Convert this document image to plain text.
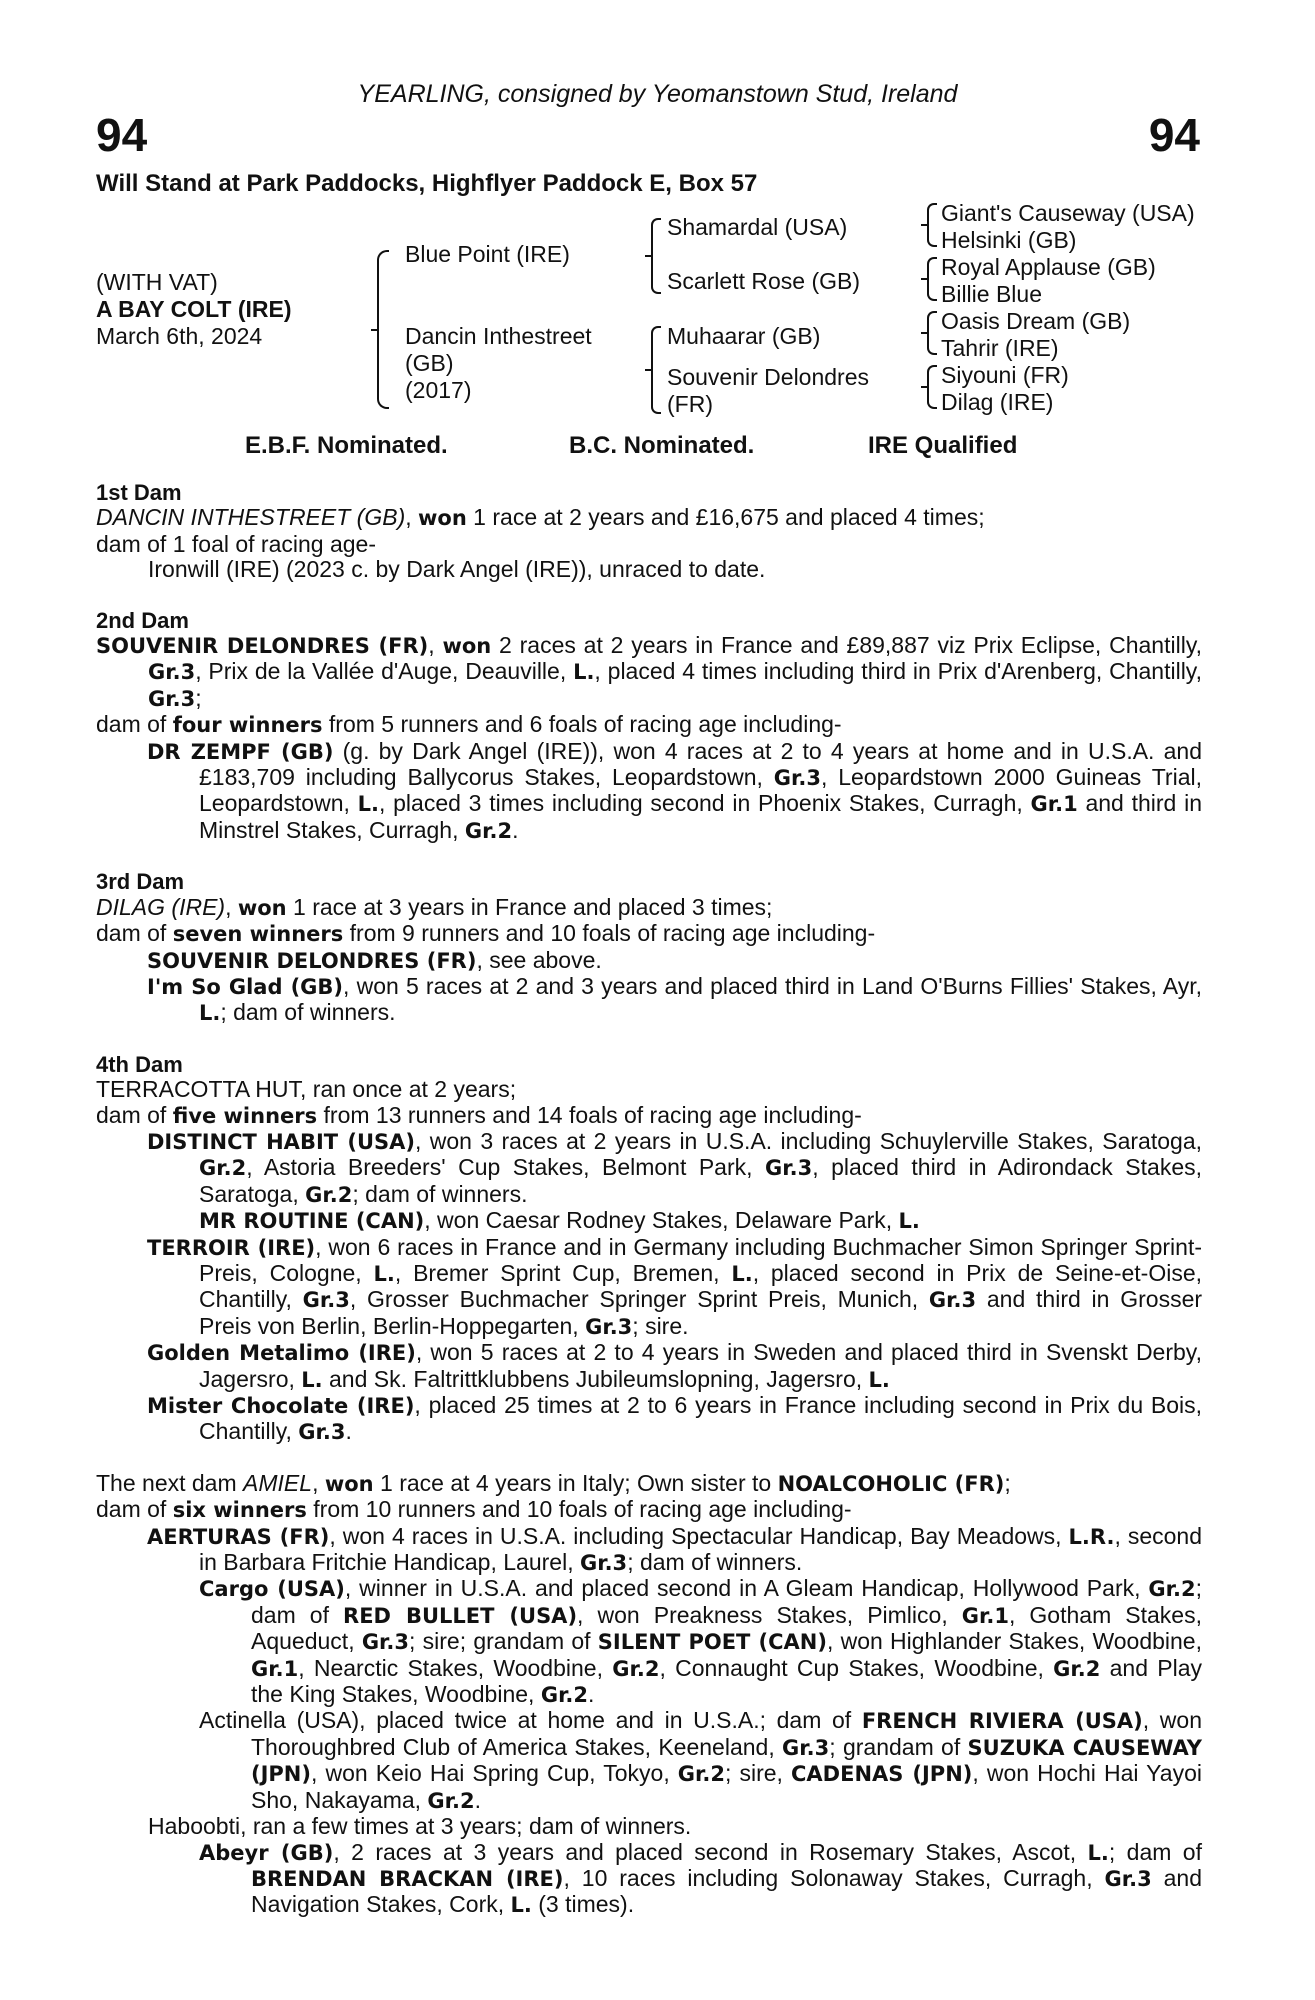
YEARLING, consigned by Yeomanstown Stud, Ireland
94	94
Will Stand at Park Paddocks, Highflyer Paddock E, Box 57
(WITH VAT)
A BAY COLT (IRE)
March 6th, 2024
Blue Point (IRE)
Dancin Inthestreet
(GB)
(2017)
Shamardal (USA)
Scarlett Rose (GB)
Muhaarar (GB)
Souvenir Delondres
(FR)
Giant's Causeway (USA)
Helsinki (GB)
Royal Applause (GB)
Billie Blue
Oasis Dream (GB)
Tahrir (IRE)
Siyouni (FR)
Dilag (IRE)
E.B.F. Nominated.	B.C. Nominated.	IRE Qualified

1st Dam

DANCIN INTHESTREET (GB), won 1 race at 2 years and £16,675 and placed 4 times;

dam of 1 foal of racing age-

Ironwill (IRE) (2023 c. by Dark Angel (IRE)), unraced to date.

2nd Dam

SOUVENIR DELONDRES (FR), won 2 races at 2 years in France and £89,887 viz Prix Eclipse, Chantilly, Gr.3, Prix de la Vallée d'Auge, Deauville, L., placed 4 times including third in Prix d'Arenberg, Chantilly, Gr.3;

dam of four winners from 5 runners and 6 foals of racing age including-

DR ZEMPF (GB) (g. by Dark Angel (IRE)), won 4 races at 2 to 4 years at home and in U.S.A. and £183,709 including Ballycorus Stakes, Leopardstown, Gr.3, Leopardstown 2000 Guineas Trial, Leopardstown, L., placed 3 times including second in Phoenix Stakes, Curragh, Gr.1 and third in Minstrel Stakes, Curragh, Gr.2.

3rd Dam

DILAG (IRE), won 1 race at 3 years in France and placed 3 times;

dam of seven winners from 9 runners and 10 foals of racing age including-

SOUVENIR DELONDRES (FR), see above.

I'm So Glad (GB), won 5 races at 2 and 3 years and placed third in Land O'Burns Fillies' Stakes, Ayr, L.; dam of winners.

4th Dam

TERRACOTTA HUT, ran once at 2 years;

dam of five winners from 13 runners and 14 foals of racing age including-

DISTINCT HABIT (USA), won 3 races at 2 years in U.S.A. including Schuylerville Stakes, Saratoga, Gr.2, Astoria Breeders' Cup Stakes, Belmont Park, Gr.3, placed third in Adirondack Stakes, Saratoga, Gr.2; dam of winners.

MR ROUTINE (CAN), won Caesar Rodney Stakes, Delaware Park, L.

TERROIR (IRE), won 6 races in France and in Germany including Buchmacher Simon Springer Sprint-Preis, Cologne, L., Bremer Sprint Cup, Bremen, L., placed second in Prix de Seine-et-Oise, Chantilly, Gr.3, Grosser Buchmacher Springer Sprint Preis, Munich, Gr.3 and third in Grosser Preis von Berlin, Berlin-Hoppegarten, Gr.3; sire.

Golden Metalimo (IRE), won 5 races at 2 to 4 years in Sweden and placed third in Svenskt Derby, Jagersro, L. and Sk. Faltrittklubbens Jubileumslopning, Jagersro, L.

Mister Chocolate (IRE), placed 25 times at 2 to 6 years in France including second in Prix du Bois, Chantilly, Gr.3.

The next dam AMIEL, won 1 race at 4 years in Italy; Own sister to NOALCOHOLIC (FR);

dam of six winners from 10 runners and 10 foals of racing age including-

AERTURAS (FR), won 4 races in U.S.A. including Spectacular Handicap, Bay Meadows, L.R., second in Barbara Fritchie Handicap, Laurel, Gr.3; dam of winners.

Cargo (USA), winner in U.S.A. and placed second in A Gleam Handicap, Hollywood Park, Gr.2; dam of RED BULLET (USA), won Preakness Stakes, Pimlico, Gr.1, Gotham Stakes, Aqueduct, Gr.3; sire; grandam of SILENT POET (CAN), won Highlander Stakes, Woodbine, Gr.1, Nearctic Stakes, Woodbine, Gr.2, Connaught Cup Stakes, Woodbine, Gr.2 and Play the King Stakes, Woodbine, Gr.2.

Actinella (USA), placed twice at home and in U.S.A.; dam of FRENCH RIVIERA (USA), won Thoroughbred Club of America Stakes, Keeneland, Gr.3; grandam of SUZUKA CAUSEWAY (JPN), won Keio Hai Spring Cup, Tokyo, Gr.2; sire, CADENAS (JPN), won Hochi Hai Yayoi Sho, Nakayama, Gr.2.

Haboobti, ran a few times at 3 years; dam of winners.

Abeyr (GB), 2 races at 3 years and placed second in Rosemary Stakes, Ascot, L.; dam of BRENDAN BRACKAN (IRE), 10 races including Solonaway Stakes, Curragh, Gr.3 and Navigation Stakes, Cork, L. (3 times).
